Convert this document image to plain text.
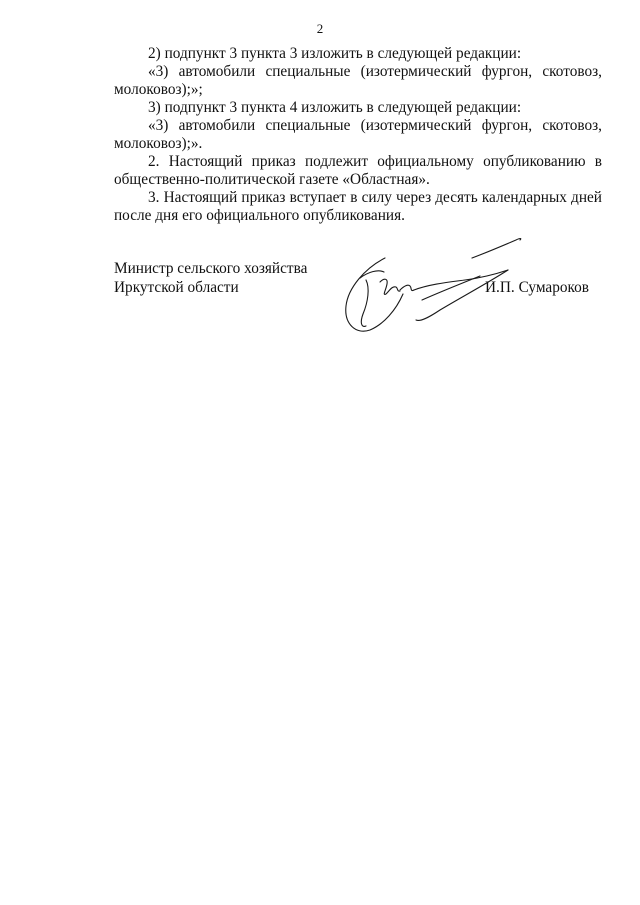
2

2) подпункт 3 пункта 3 изложить в следующей редакции:

«3) автомобили специальные (изотермический фургон, скотовоз,
молоковоз);»;

3) подпункт 3 пункта 4 изложить в следующей редакции:

«3) автомобили специальные (изотермический фургон, скотовоз,
молоковоз);».

2. Настоящий приказ подлежит официальному опубликованию в общественно-политической газете «Областная».

3. Настоящий приказ вступает в силу через десять календарных дней после дня его официального опубликования.

Министр сельского хозяйства
Иркутской области	И.П. Сумароков
